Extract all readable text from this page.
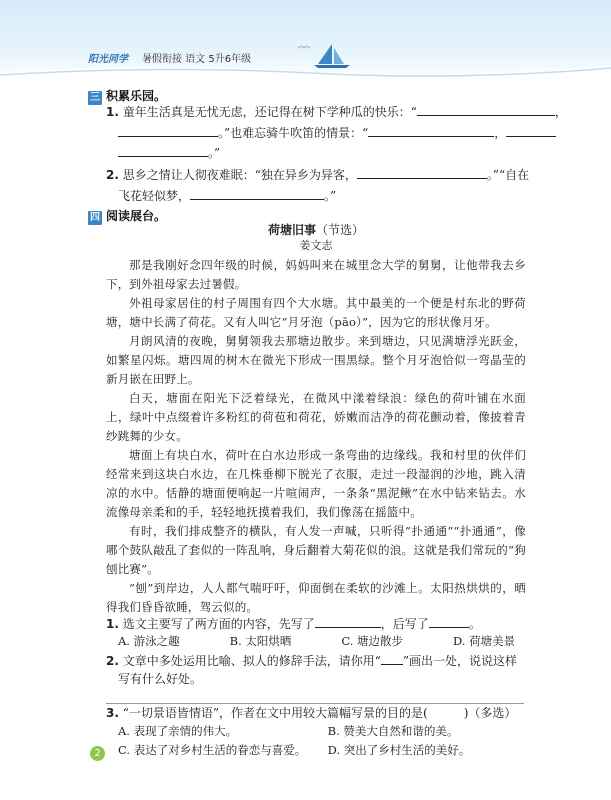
阳光同学 暑假衔接 语文 5升6年级
三 积累乐园。
1. 童年生活真是无忧无虑，还记得在树下学种瓜的快乐：“	，
。”也难忘骑牛吹笛的情景：“	，
。”
2. 思乡之情让人彻夜难眠：“独在异乡为异客，	。”“自在
飞花轻似梦，	。”
四 阅读展台。
荷塘旧事（节选）
姜文志

那是我刚好念四年级的时候，妈妈叫来在城里念大学的舅舅，让他带我去乡下，到外祖母家去过暑假。

外祖母家居住的村子周围有四个大水塘。其中最美的一个便是村东北的野荷塘，塘中长满了荷花。又有人叫它“月牙泡（pāo）”，因为它的形状像月牙。

月朗风清的夜晚，舅舅领我去那塘边散步。来到塘边，只见满塘浮光跃金，如繁星闪烁。塘四周的树木在微光下形成一围黑绿。整个月牙泡恰似一弯晶莹的新月嵌在田野上。

白天，塘面在阳光下泛着绿光，在微风中漾着绿浪：绿色的荷叶铺在水面上，绿叶中点缀着许多粉红的荷苞和荷花，娇嫩而洁净的荷花颤动着，像披着青纱跳舞的少女。

塘面上有块白水，荷叶在白水边形成一条弯曲的边缘线。我和村里的伙伴们经常来到这块白水边，在几株垂柳下脱光了衣服，走过一段湿润的沙地，跳入清凉的水中。恬静的塘面便响起一片喧闹声，一条条“黑泥鳅”在水中钻来钻去。水流像母亲柔和的手，轻轻地抚摸着我们，我们像荡在摇篮中。

有时，我们排成整齐的横队，有人发一声喊，只听得“扑通通”“扑通通”，像哪个鼓队敲乱了套似的一阵乱响，身后翻着大菊花似的浪。这就是我们常玩的“狗刨比赛”。

“刨”到岸边，人人都气喘吁吁，仰面倒在柔软的沙滩上。太阳热烘烘的，晒得我们昏昏欲睡，驾云似的。

1. 选文主要写了两方面的内容，先写了	，后写了	。
A. 游泳之趣	B. 太阳烘晒	C. 塘边散步	D. 荷塘美景
2. 文章中多处运用比喻、拟人的修辞手法，请你用“ ”画出一处，说说这样
写有什么好处。
3. “一切景语皆情语”，作者在文中用较大篇幅写景的目的是(　　　)（多选）
A. 表现了亲情的伟大。	B. 赞美大自然和谐的美。
C. 表达了对乡村生活的眷恋与喜爱。 D. 突出了乡村生活的美好。
2
